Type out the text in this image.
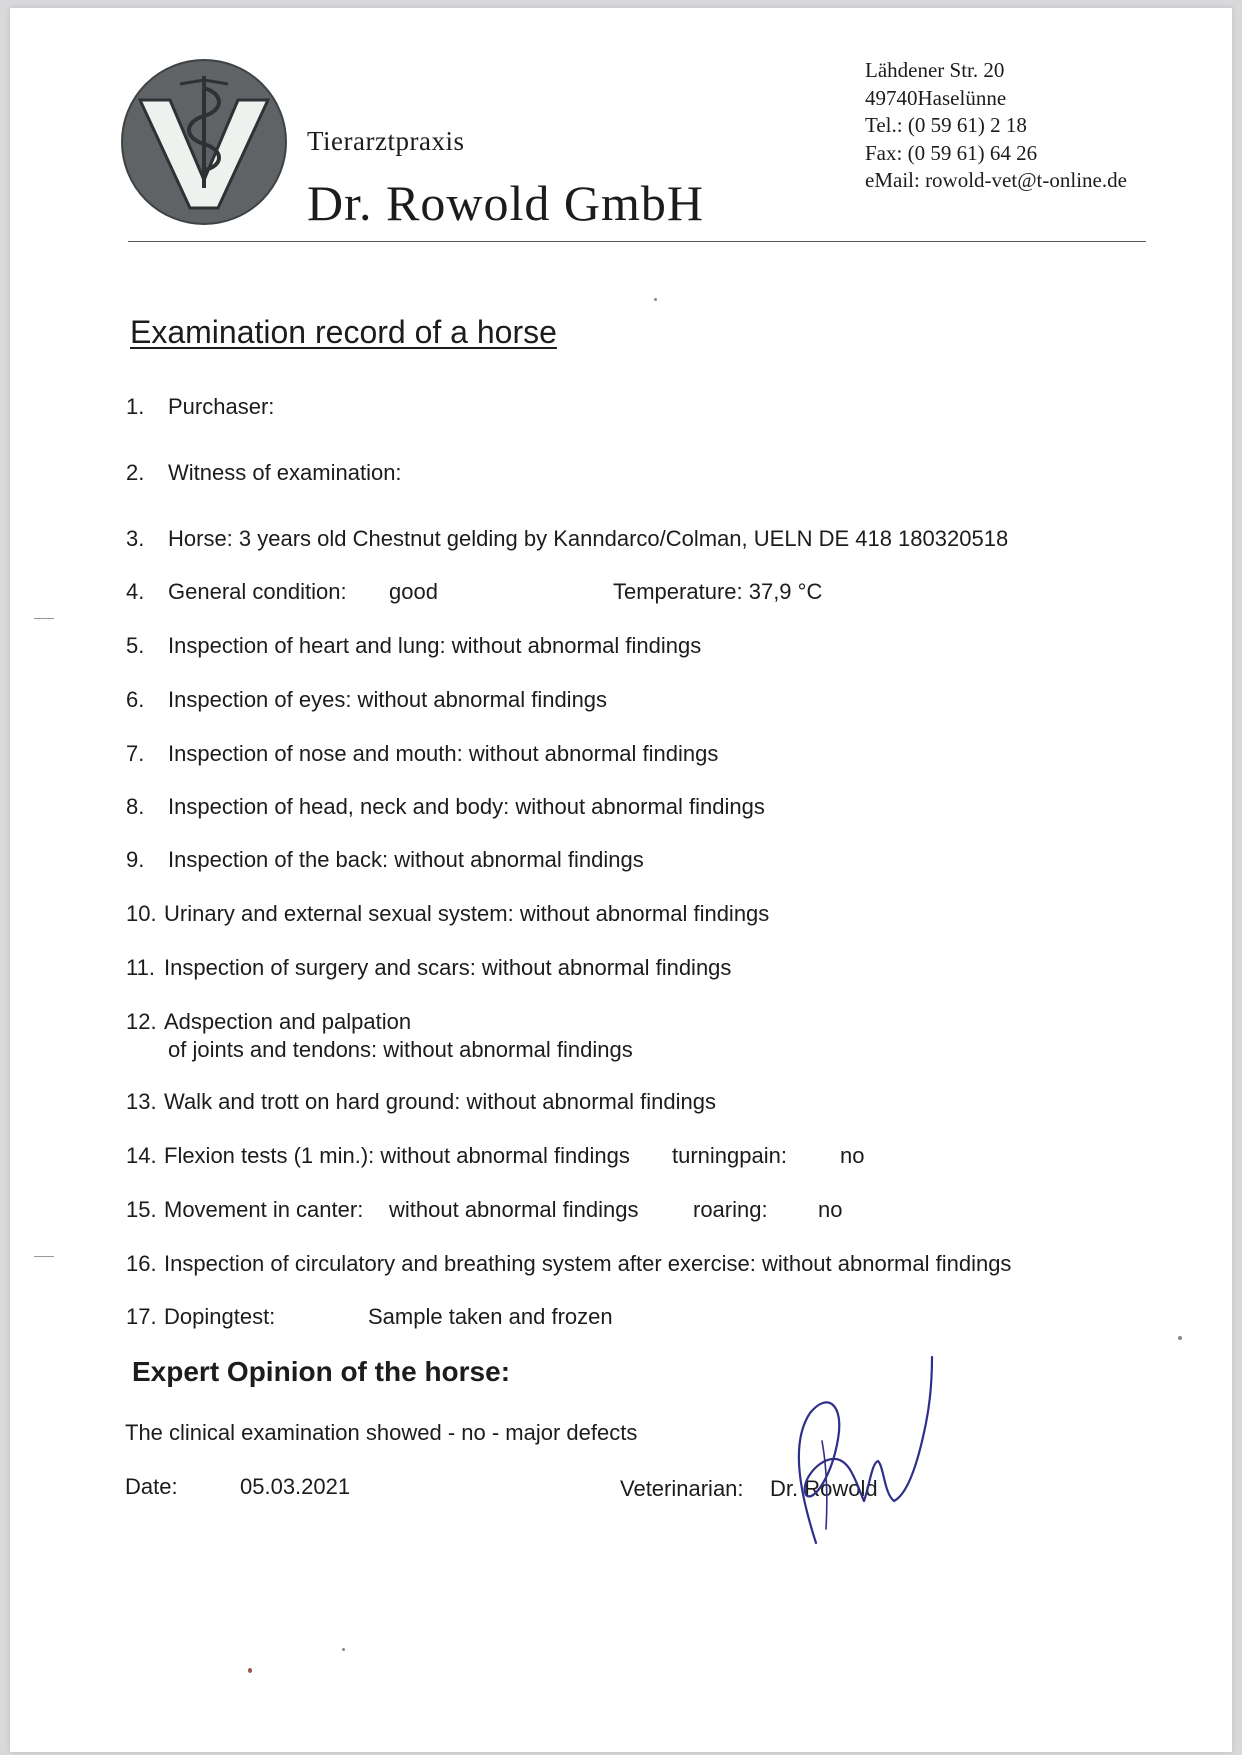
Tierarztpraxis
Dr. Rowold GmbH
Lähdener Str. 20
49740Haselünne
Tel.: (0 59 61) 2 18
Fax: (0 59 61) 64 26
eMail: rowold-vet@t-online.de
Examination record of a horse
1. Purchaser:
2. Witness of examination:
3. Horse: 3 years old Chestnut gelding by Kanndarco/Colman, UELN DE 418 180320518
4. General condition: good	Temperature: 37,9 °C
5. Inspection of heart and lung: without abnormal findings
6. Inspection of eyes: without abnormal findings
7. Inspection of nose and mouth: without abnormal findings
8. Inspection of head, neck and body: without abnormal findings
9. Inspection of the back: without abnormal findings
10. Urinary and external sexual system: without abnormal findings
11. Inspection of surgery and scars: without abnormal findings
12. Adspection and palpation
of joints and tendons: without abnormal findings
13. Walk and trott on hard ground: without abnormal findings
14. Flexion tests (1 min.): without abnormal findings turningpain: no
15. Movement in canter: without abnormal findings roaring: no
16. Inspection of circulatory and breathing system after exercise: without abnormal findings
17. Dopingtest:	Sample taken and frozen
Expert Opinion of the horse:
The clinical examination showed - no - major defects
Date:	05.03.2021	Veterinarian: Dr. Rowold
